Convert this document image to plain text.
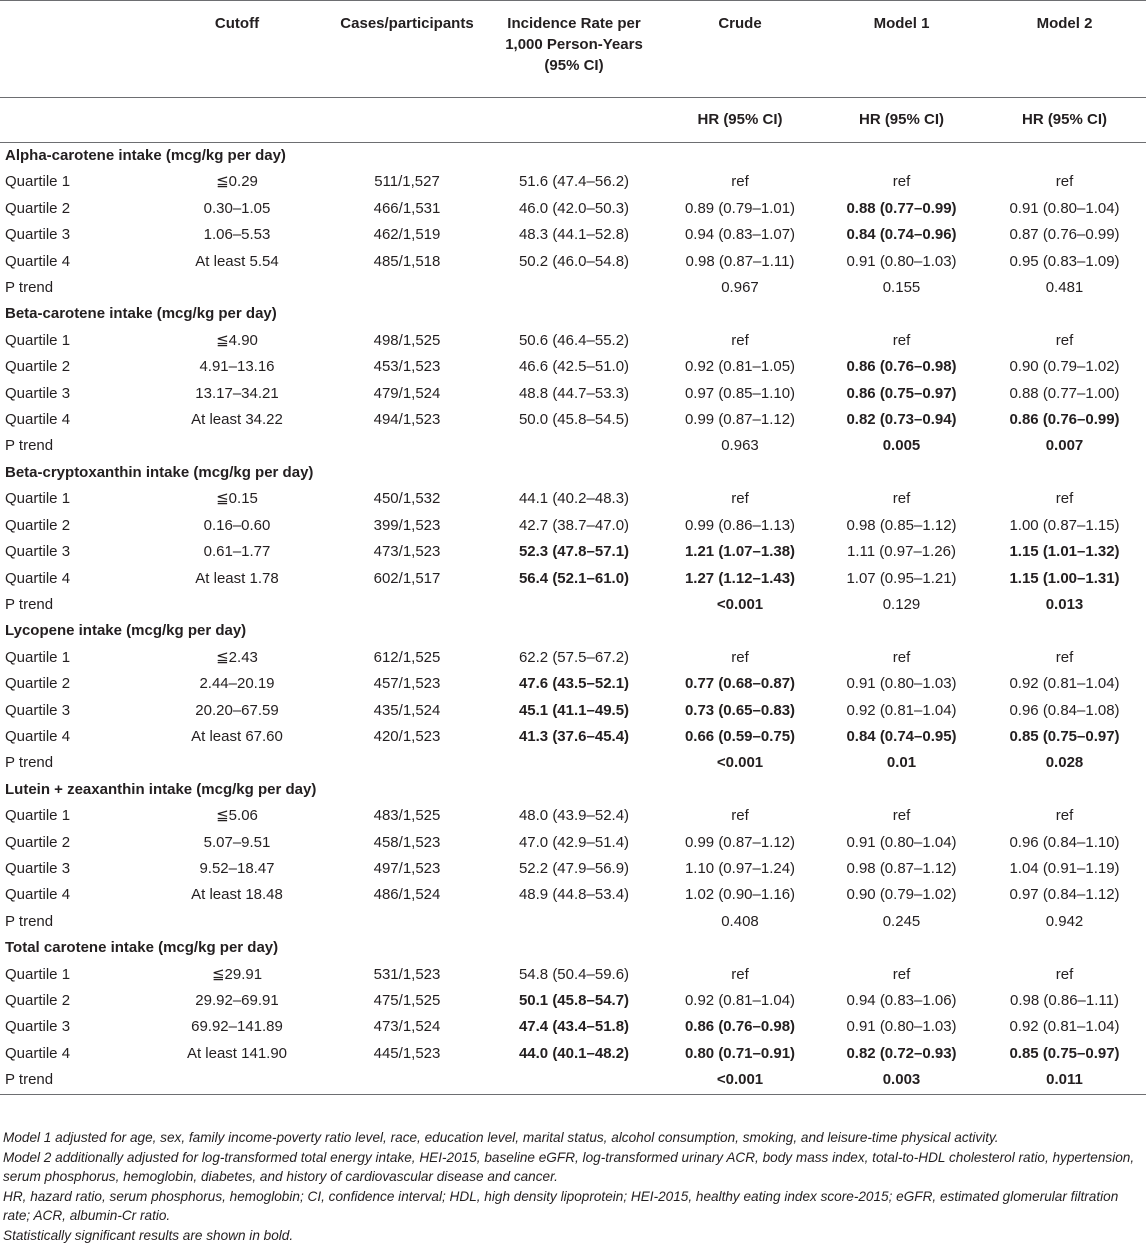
	Cutoff	Cases/participants	Incidence Rate per 1,000 Person-Years (95% CI)	Crude	Model 1	Model 2
				HR (95% CI)	HR (95% CI)	HR (95% CI)
Alpha-carotene intake (mcg/kg per day)						
Quartile 1	≦0.29	511/1,527	51.6 (47.4–56.2)	ref	ref	ref
Quartile 2	0.30–1.05	466/1,531	46.0 (42.0–50.3)	0.89 (0.79–1.01)	0.88 (0.77–0.99)	0.91 (0.80–1.04)
Quartile 3	1.06–5.53	462/1,519	48.3 (44.1–52.8)	0.94 (0.83–1.07)	0.84 (0.74–0.96)	0.87 (0.76–0.99)
Quartile 4	At least 5.54	485/1,518	50.2 (46.0–54.8)	0.98 (0.87–1.11)	0.91 (0.80–1.03)	0.95 (0.83–1.09)
P trend				0.967	0.155	0.481
Beta-carotene intake (mcg/kg per day)						
Quartile 1	≦4.90	498/1,525	50.6 (46.4–55.2)	ref	ref	ref
Quartile 2	4.91–13.16	453/1,523	46.6 (42.5–51.0)	0.92 (0.81–1.05)	0.86 (0.76–0.98)	0.90 (0.79–1.02)
Quartile 3	13.17–34.21	479/1,524	48.8 (44.7–53.3)	0.97 (0.85–1.10)	0.86 (0.75–0.97)	0.88 (0.77–1.00)
Quartile 4	At least 34.22	494/1,523	50.0 (45.8–54.5)	0.99 (0.87–1.12)	0.82 (0.73–0.94)	0.86 (0.76–0.99)
P trend				0.963	0.005	0.007
Beta-cryptoxanthin intake (mcg/kg per day)						
Quartile 1	≦0.15	450/1,532	44.1 (40.2–48.3)	ref	ref	ref
Quartile 2	0.16–0.60	399/1,523	42.7 (38.7–47.0)	0.99 (0.86–1.13)	0.98 (0.85–1.12)	1.00 (0.87–1.15)
Quartile 3	0.61–1.77	473/1,523	52.3 (47.8–57.1)	1.21 (1.07–1.38)	1.11 (0.97–1.26)	1.15 (1.01–1.32)
Quartile 4	At least 1.78	602/1,517	56.4 (52.1–61.0)	1.27 (1.12–1.43)	1.07 (0.95–1.21)	1.15 (1.00–1.31)
P trend				<0.001	0.129	0.013
Lycopene intake (mcg/kg per day)						
Quartile 1	≦2.43	612/1,525	62.2 (57.5–67.2)	ref	ref	ref
Quartile 2	2.44–20.19	457/1,523	47.6 (43.5–52.1)	0.77 (0.68–0.87)	0.91 (0.80–1.03)	0.92 (0.81–1.04)
Quartile 3	20.20–67.59	435/1,524	45.1 (41.1–49.5)	0.73 (0.65–0.83)	0.92 (0.81–1.04)	0.96 (0.84–1.08)
Quartile 4	At least 67.60	420/1,523	41.3 (37.6–45.4)	0.66 (0.59–0.75)	0.84 (0.74–0.95)	0.85 (0.75–0.97)
P trend				<0.001	0.01	0.028
Lutein + zeaxanthin intake (mcg/kg per day)						
Quartile 1	≦5.06	483/1,525	48.0 (43.9–52.4)	ref	ref	ref
Quartile 2	5.07–9.51	458/1,523	47.0 (42.9–51.4)	0.99 (0.87–1.12)	0.91 (0.80–1.04)	0.96 (0.84–1.10)
Quartile 3	9.52–18.47	497/1,523	52.2 (47.9–56.9)	1.10 (0.97–1.24)	0.98 (0.87–1.12)	1.04 (0.91–1.19)
Quartile 4	At least 18.48	486/1,524	48.9 (44.8–53.4)	1.02 (0.90–1.16)	0.90 (0.79–1.02)	0.97 (0.84–1.12)
P trend				0.408	0.245	0.942
Total carotene intake (mcg/kg per day)						
Quartile 1	≦29.91	531/1,523	54.8 (50.4–59.6)	ref	ref	ref
Quartile 2	29.92–69.91	475/1,525	50.1 (45.8–54.7)	0.92 (0.81–1.04)	0.94 (0.83–1.06)	0.98 (0.86–1.11)
Quartile 3	69.92–141.89	473/1,524	47.4 (43.4–51.8)	0.86 (0.76–0.98)	0.91 (0.80–1.03)	0.92 (0.81–1.04)
Quartile 4	At least 141.90	445/1,523	44.0 (40.1–48.2)	0.80 (0.71–0.91)	0.82 (0.72–0.93)	0.85 (0.75–0.97)
P trend				<0.001	0.003	0.011

Model 1 adjusted for age, sex, family income-poverty ratio level, race, education level, marital status, alcohol consumption, smoking, and leisure-time physical activity.

Model 2 additionally adjusted for log-transformed total energy intake, HEI-2015, baseline eGFR, log-transformed urinary ACR, body mass index, total-to-HDL cholesterol ratio, hypertension, serum phosphorus, hemoglobin, diabetes, and history of cardiovascular disease and cancer.

HR, hazard ratio, serum phosphorus, hemoglobin; CI, confidence interval; HDL, high density lipoprotein; HEI-2015, healthy eating index score-2015; eGFR, estimated glomerular filtration rate; ACR, albumin-Cr ratio.

Statistically significant results are shown in bold.
